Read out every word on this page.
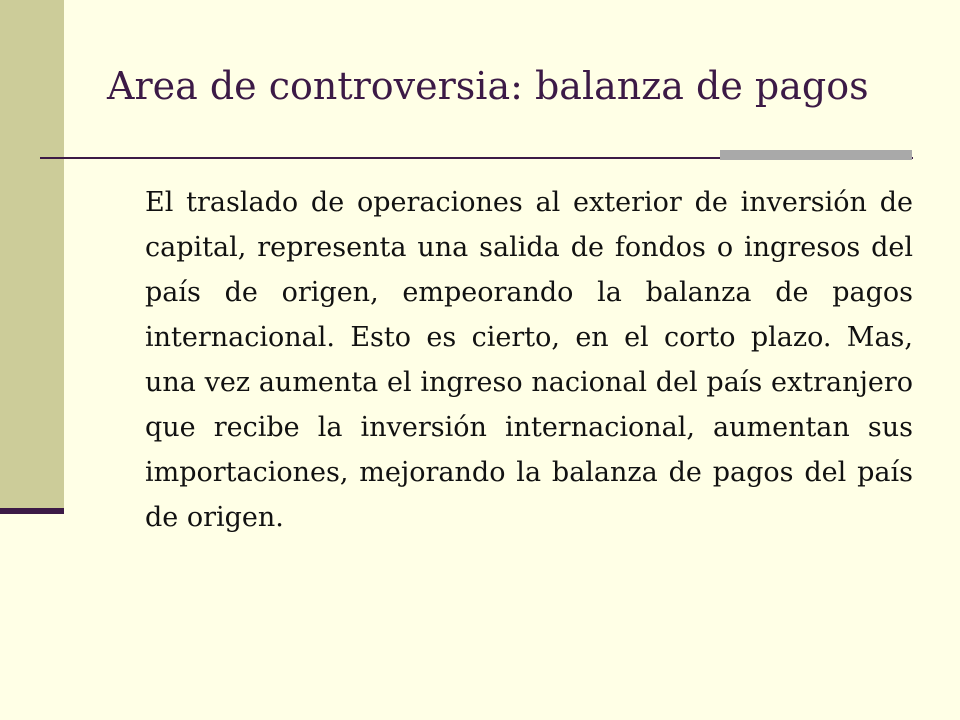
Area de controversia: balanza de pagos

El traslado de operaciones al exterior de inversión de capital, representa una salida de fondos o ingresos del país de origen, empeorando la balanza de pagos internacional. Esto es cierto, en el corto plazo. Mas, una vez aumenta el ingreso nacional del país extranjero que recibe la inversión internacional, aumentan sus importaciones, mejorando la balanza de pagos del país de origen.
